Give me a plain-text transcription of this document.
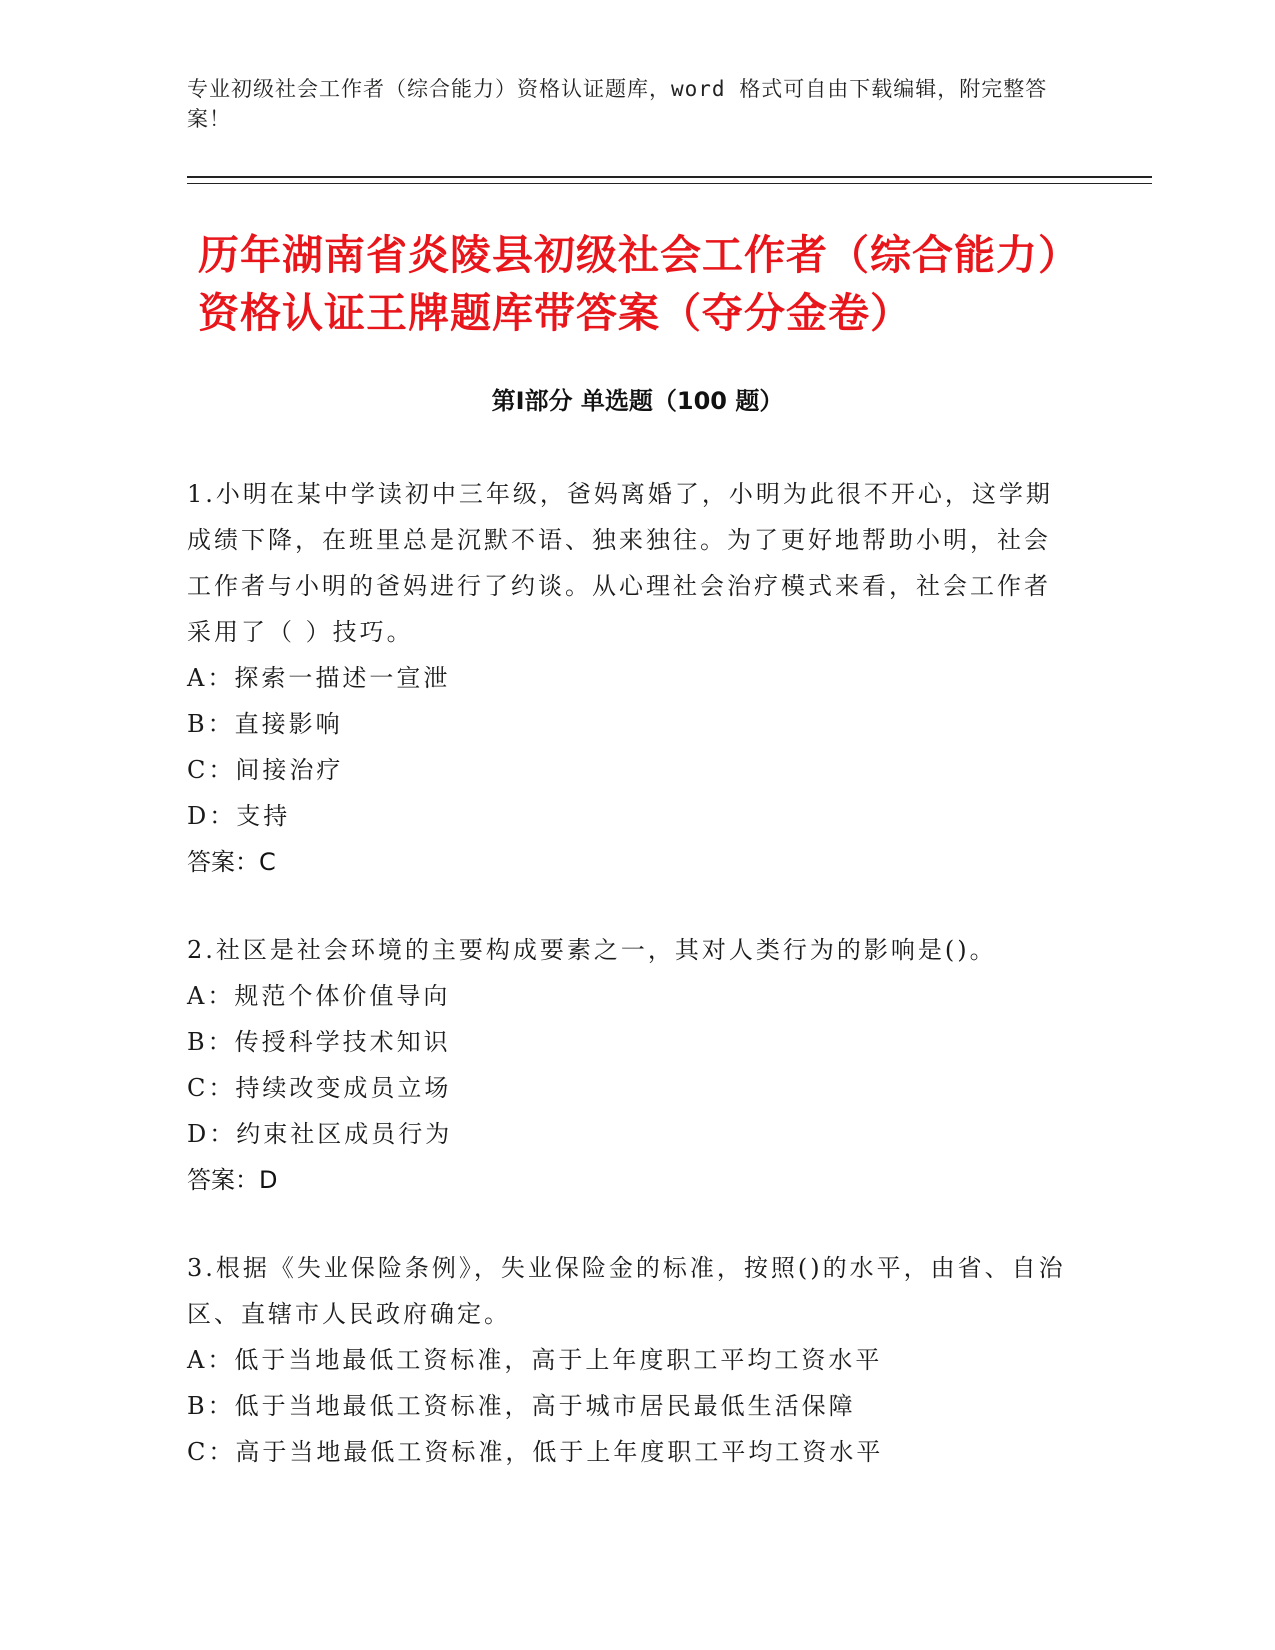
专业初级社会工作者（综合能力）资格认证题库，word 格式可自由下载编辑，附完整答案！

历年湖南省炎陵县初级社会工作者（综合能力）资格认证王牌题库带答案（夺分金卷）
第Ⅰ部分 单选题（100 题）

1.小明在某中学读初中三年级，爸妈离婚了，小明为此很不开心，这学期成绩下降，在班里总是沉默不语、独来独往。为了更好地帮助小明，社会工作者与小明的爸妈进行了约谈。从心理社会治疗模式来看，社会工作者采用了（ ）技巧。

A：探索一描述一宣泄

B：直接影响

C：间接治疗

D：支持

答案：C

2.社区是社会环境的主要构成要素之一，其对人类行为的影响是()。

A：规范个体价值导向

B：传授科学技术知识

C：持续改变成员立场

D：约束社区成员行为

答案：D

3.根据《失业保险条例》，失业保险金的标准，按照()的水平，由省、自治区、直辖市人民政府确定。

A：低于当地最低工资标准，高于上年度职工平均工资水平

B：低于当地最低工资标准，高于城市居民最低生活保障

C：高于当地最低工资标准，低于上年度职工平均工资水平
